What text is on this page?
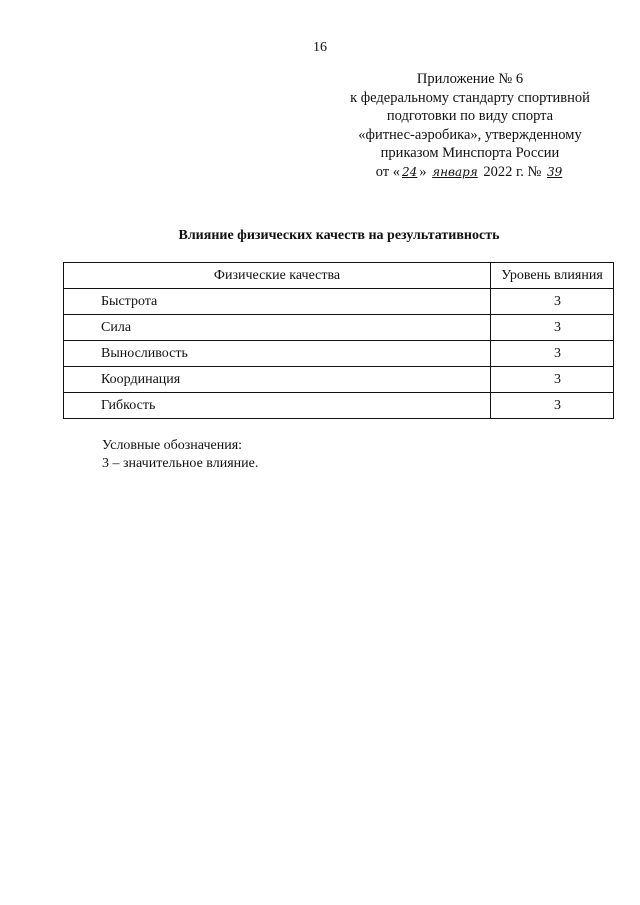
16
Приложение № 6
к федеральному стандарту спортивной
подготовки по виду спорта
«фитнес-аэробика», утвержденному
приказом Минспорта России
от « 24 » января 2022 г. № 39
Влияние физических качеств на результативность
Физические качества	Уровень влияния
Быстрота	3
Сила	3
Выносливость	3
Координация	3
Гибкость	3
Условные обозначения:
3 – значительное влияние.
